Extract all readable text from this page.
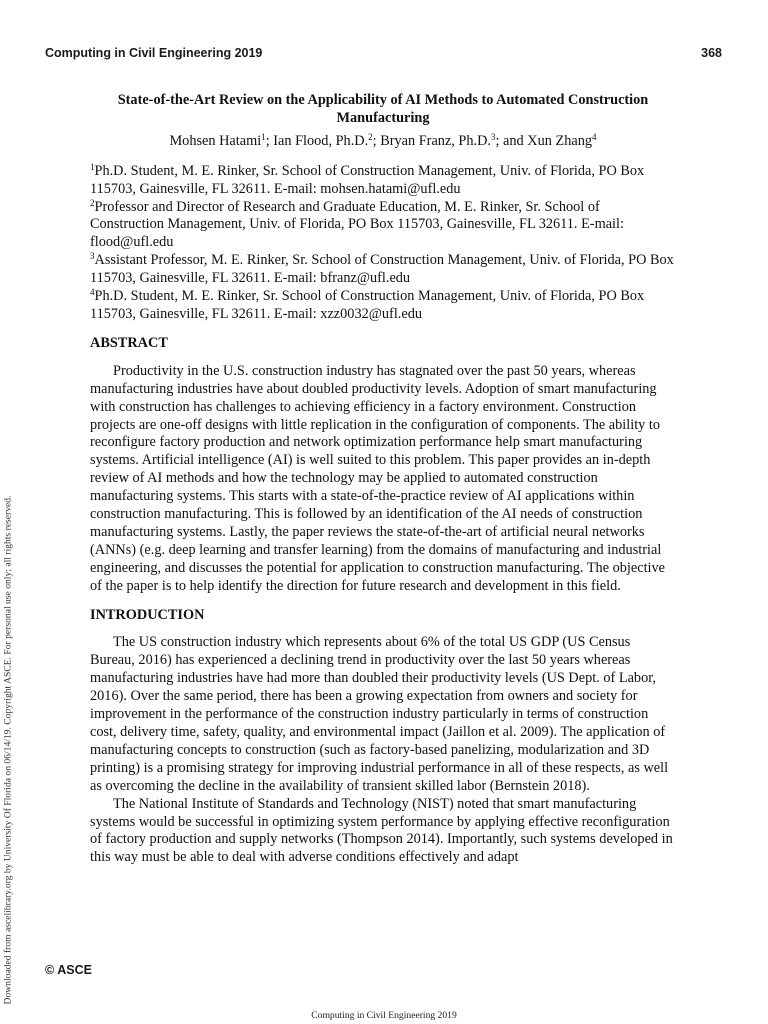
Computing in Civil Engineering 2019	368
Downloaded from ascelibrary.org by University Of Florida on 06/14/19. Copyright ASCE. For personal use only; all rights reserved.
State-of-the-Art Review on the Applicability of AI Methods to Automated Construction
Manufacturing
Mohsen Hatami$^1$; Ian Flood, Ph.D.$^2$; Bryan Franz, Ph.D.$^3$; and Xun Zhang$^4$

$^1$Ph.D. Student, M. E. Rinker, Sr. School of Construction Management, Univ. of Florida, PO Box 115703, Gainesville, FL 32611. E-mail: mohsen.hatami@ufl.edu

$^2$Professor and Director of Research and Graduate Education, M. E. Rinker, Sr. School of Construction Management, Univ. of Florida, PO Box 115703, Gainesville, FL 32611. E-mail: flood@ufl.edu

$^3$Assistant Professor, M. E. Rinker, Sr. School of Construction Management, Univ. of Florida, PO Box 115703, Gainesville, FL 32611. E-mail: bfranz@ufl.edu

$^4$Ph.D. Student, M. E. Rinker, Sr. School of Construction Management, Univ. of Florida, PO Box 115703, Gainesville, FL 32611. E-mail: xzz0032@ufl.edu

ABSTRACT

Productivity in the U.S. construction industry has stagnated over the past 50 years, whereas manufacturing industries have about doubled productivity levels. Adoption of smart manufacturing with construction has challenges to achieving efficiency in a factory environment. Construction projects are one-off designs with little replication in the configuration of components. The ability to reconfigure factory production and network optimization performance help smart manufacturing systems. Artificial intelligence (AI) is well suited to this problem. This paper provides an in-depth review of AI methods and how the technology may be applied to automated construction manufacturing systems. This starts with a state-of-the-practice review of AI applications within construction manufacturing. This is followed by an identification of the AI needs of construction manufacturing systems. Lastly, the paper reviews the state-of-the-art of artificial neural networks (ANNs) (e.g. deep learning and transfer learning) from the domains of manufacturing and industrial engineering, and discusses the potential for application to construction manufacturing. The objective of the paper is to help identify the direction for future research and development in this field.

INTRODUCTION

The US construction industry which represents about 6% of the total US GDP (US Census Bureau, 2016) has experienced a declining trend in productivity over the last 50 years whereas manufacturing industries have had more than doubled their productivity levels (US Dept. of Labor, 2016). Over the same period, there has been a growing expectation from owners and society for improvement in the performance of the construction industry particularly in terms of construction cost, delivery time, safety, quality, and environmental impact (Jaillon et al. 2009). The application of manufacturing concepts to construction (such as factory-based panelizing, modularization and 3D printing) is a promising strategy for improving industrial performance in all of these respects, as well as overcoming the decline in the availability of transient skilled labor (Bernstein 2018).

The National Institute of Standards and Technology (NIST) noted that smart manufacturing systems would be successful in optimizing system performance by applying effective reconfiguration of factory production and supply networks (Thompson 2014). Importantly, such systems developed in this way must be able to deal with adverse conditions effectively and adapt

© ASCE
Computing in Civil Engineering 2019
